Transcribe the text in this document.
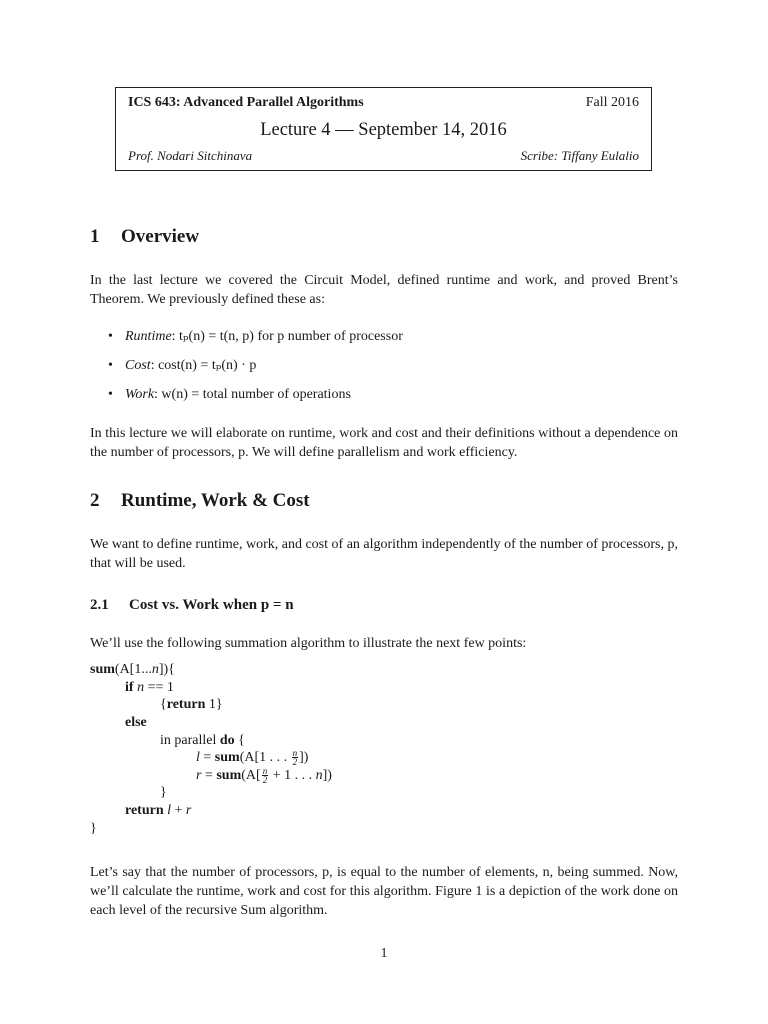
ICS 643: Advanced Parallel Algorithms	Fall 2016
Lecture 4 — September 14, 2016
Prof. Nodari Sitchinava	Scribe: Tiffany Eulalio
1 Overview
In the last lecture we covered the Circuit Model, defined runtime and work, and proved Brent’s Theorem. We previously defined these as:
• Runtime: tₚ(n) = t(n, p) for p number of processor
• Cost: cost(n) = tₚ(n) · p
• Work: w(n) = total number of operations
In this lecture we will elaborate on runtime, work and cost and their definitions without a dependence on the number of processors, p. We will define parallelism and work efficiency.
2 Runtime, Work & Cost
We want to define runtime, work, and cost of an algorithm independently of the number of processors, p, that will be used.
2.1 Cost vs. Work when p = n
We’ll use the following summation algorithm to illustrate the next few points:
sum(A[1...n]){
if n == 1
{return 1}
else
in parallel do {
l = sum(A[1 . . . $\frac{n}{2}$ ])
$r = sum(A[ \frac{n}{2} + 1$ . . . n])
}
return l + r
}
Let’s say that the number of processors, p, is equal to the number of elements, n, being summed. Now, we’ll calculate the runtime, work and cost for this algorithm. Figure 1 is a depiction of the work done on each level of the recursive Sum algorithm.
1
